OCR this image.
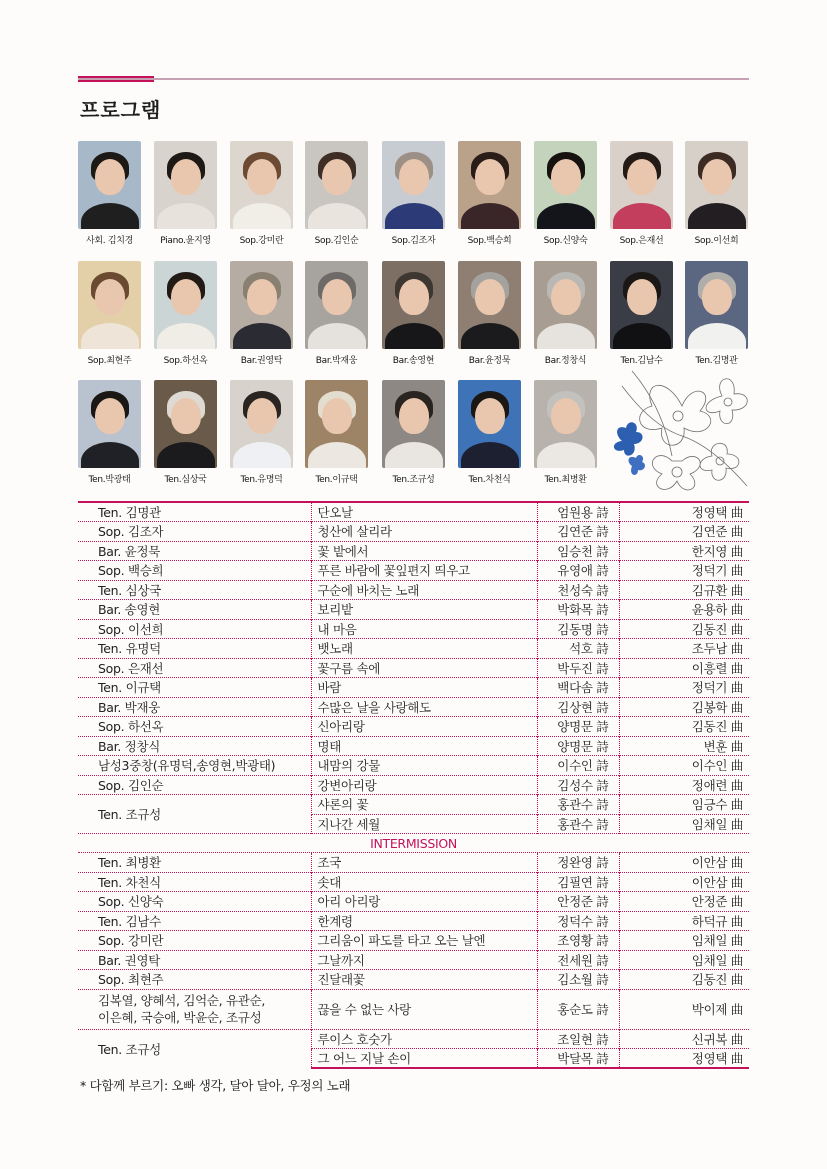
프로그램
사회. 김치경	Piano.윤지영	Sop.강미란	Sop.김인순	Sop.김조자	Sop.백승희	Sop.신양숙	Sop.은재선	Sop.이선희
Sop.최현주	Sop.하선옥	Bar.권영탁	Bar.박재웅	Bar.송영현	Bar.윤정묵	Bar.정창식	Ten.김남수	Ten.김명관
Ten.박광태	Ten.심상국	Ten.유명덕	Ten.이규택	Ten.조규성	Ten.차천식	Ten.최병환
Ten. 김명관	단오날	엄원용 詩	정영택 曲
Sop. 김조자	청산에 살리라	김연준 詩	김연준 曲
Bar. 윤정묵	꽃 밭에서	임승천 詩	한지영 曲
Sop. 백승희	푸른 바람에 꽃잎편지 띄우고	유영애 詩	정덕기 曲
Ten. 심상국	구순에 바치는 노래	천성숙 詩	김규환 曲
Bar. 송영현	보리밭	박화목 詩	윤용하 曲
Sop. 이선희	내 마음	김동명 詩	김동진 曲
Ten. 유명덕	뱃노래	석호 詩	조두남 曲
Sop. 은재선	꽃구름 속에	박두진 詩	이흥렬 曲
Ten. 이규택	바람	백다솜 詩	정덕기 曲
Bar. 박재웅	수많은 날을 사랑해도	김상현 詩	김봉학 曲
Sop. 하선옥	신아리랑	양명문 詩	김동진 曲
Bar. 정창식	명태	양명문 詩	변훈 曲
남성3중창(유명덕,송영현,박광태)	내맘의 강물	이수인 詩	이수인 曲
Sop. 김인순	강변아리랑	김성수 詩	정애련 曲
Ten. 조규성	샤론의 꽃	홍관수 詩	임긍수 曲
	지나간 세월	홍관수 詩	임채일 曲
INTERMISSION			
Ten. 최병환	조국	정완영 詩	이안삼 曲
Ten. 차천식	솟대	김필연 詩	이안삼 曲
Sop. 신양숙	아리 아리랑	안정준 詩	안정준 曲
Ten. 김남수	한계령	정덕수 詩	하덕규 曲
Sop. 강미란	그리움이 파도를 타고 오는 날엔	조영황 詩	임채일 曲
Bar. 권영탁	그날까지	전세원 詩	임채일 曲
Sop. 최현주	진달래꽃	김소월 詩	김동진 曲

김복열, 양혜석, 김억순, 유관순,
이은혜, 국승애, 박윤순, 조규성	끊을 수 없는 사랑	홍순도 詩	박이제 曲
Ten. 조규성	루이스 호숫가	조일현 詩	신귀복 曲
	그 어느 지날 손이	박달목 詩	정영택 曲
* 다함께 부르기: 오빠 생각, 달아 달아, 우정의 노래
